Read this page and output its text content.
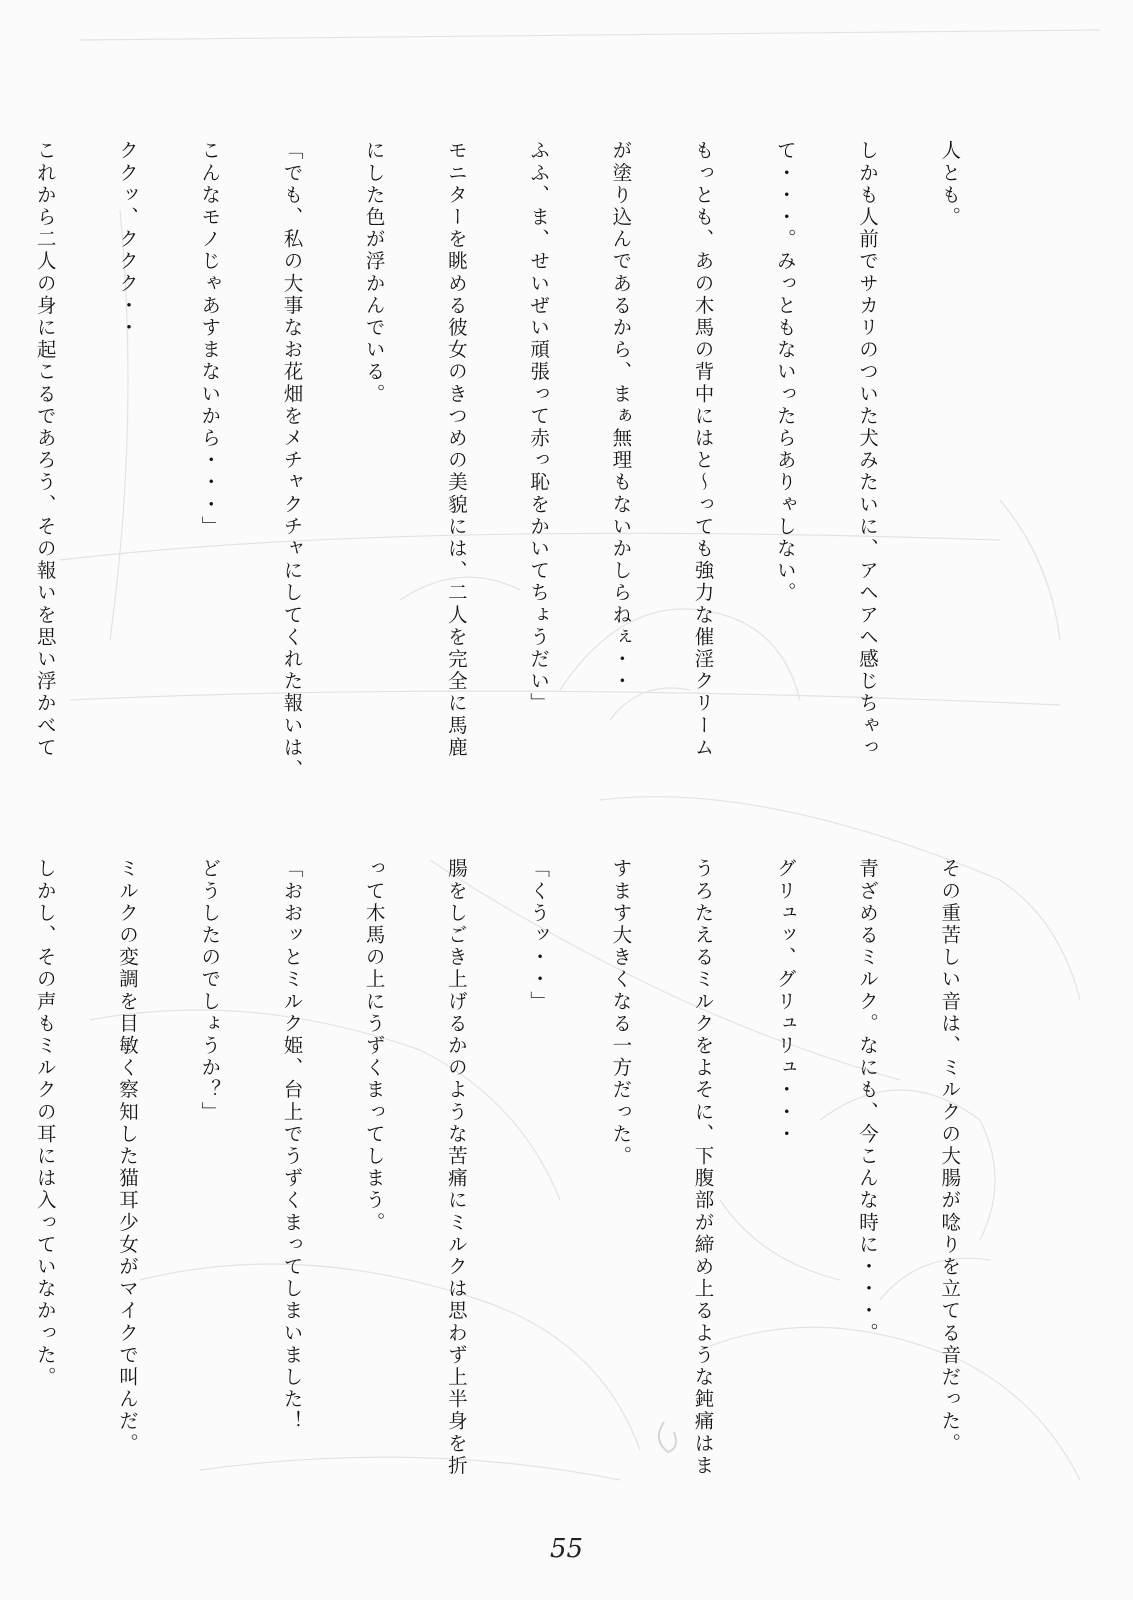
人とも。

しかも人前でサカリのついた犬みたいに、アヘアヘ感じちゃっ

て・・・。みっともないったらありゃしない。

もっとも、あの木馬の背中にはと～っても強力な催淫クリーム

が塗り込んであるから、まぁ無理もないかしらねぇ・・

ふふ、ま、せいぜい頑張って赤っ恥をかいてちょうだい」

モニターを眺める彼女のきつめの美貌には、二人を完全に馬鹿

にした色が浮かんでいる。

「でも、私の大事なお花畑をメチャクチャにしてくれた報いは、

こんなモノじゃあすまないから・・・」

ククッ、ククク・・

これから二人の身に起こるであろう、その報いを思い浮かべて

その重苦しい音は、ミルクの大腸が唸りを立てる音だった。

青ざめるミルク。なにも、今こんな時に・・・。

グリュッ、グリュリュ・・・

うろたえるミルクをよそに、下腹部が締め上るような鈍痛はま

すます大きくなる一方だった。

「くうッ・・」

腸をしごき上げるかのような苦痛にミルクは思わず上半身を折

って木馬の上にうずくまってしまう。

「おおッとミルク姫、台上でうずくまってしまいました！

どうしたのでしょうか？」

ミルクの変調を目敏く察知した猫耳少女がマイクで叫んだ。

しかし、その声もミルクの耳には入っていなかった。

55
